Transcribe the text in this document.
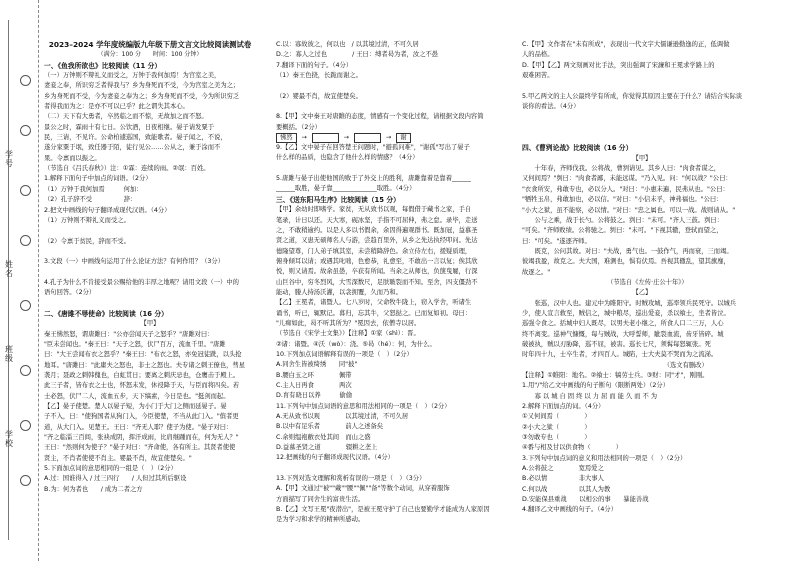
学号
姓名
班级
学校
2023–2024 学年度统编版九年级下册文言文比较阅读测试卷
（满分：100 分　　时间：100 分钟）
一、《鱼我所欲也》比较阅读（11 分）
（一）万钟则不辩礼义而受之，万钟于我何加焉！为宫室之美，
妻妾之奉，所识穷乏者得我与？乡为身死而不受，今为宫室之美为之；
乡为身死而不受，今为妻妾之奉为之；乡为身死而不受，今为所识穷乏
者得我而为之：是亦不可以已乎？此之谓失其本心。
（二）天下有大勇者，卒然临之而不惊，无故加之而不怒。
景公之时，霖雨十有七日。公饮酒，日夜相继。晏子请发粟于
民，三请，不见许。公命柏遽巡国，致能歌者。晏子闻之，不说，
遂分家粟于氓，致任器于陌，徒行见公……公从之，兼于涂而不
果。令禀而以振之。
（节选自《吕氏春秋》）注：①霖：连续的雨。②氓：百姓。
1.解释下面句子中加点的词语。（2分）
（1）万钟于我何加焉　　　何加：
（2）孔子辞不受　　　　　辞：
2.把文中画线的句子翻译成现代汉语。（4分）
（1）万钟则不辩礼义而受之。

（2）令禀于贫民，辞而不受。

3.文段（一）中画线句运用了什么论证方法？有何作用？（3分）

4.孔子为什么不肯接受景公赐给他的丰厚之地呢？请用文段（一）中的
语句回答。（2分）

二、《唐雎不辱使命》比较阅读（16 分）
【甲】
秦王怫然怒，谓唐雎曰："公亦尝闻天子之怒乎？"唐雎对曰：
"臣未尝闻也。"秦王曰："天子之怒，伏尸百万，流血千里。"唐雎
曰："大王尝闻布衣之怒乎？"秦王曰："布衣之怒，亦免冠徒跣，以头抢
地耳。"唐雎曰："此庸夫之怒也，非士之怒也。夫专诸之刺王僚也，彗星
袭月；聂政之刺韩傀也，白虹贯日；要离之刺庆忌也，仓鹰击于殿上。
此三子者，皆布衣之士也，怀怒未发，休祲降于天，与臣而将四矣。若
士必怒，伏尸二人，流血五步，天下缟素，今日是也。"挺剑而起。
【乙】晏子使楚。楚人以晏子短，为小门于大门之侧而延晏子。晏
子不入，曰："使狗国者从狗门入，今臣使楚，不当从此门入。"傧者更
道，从大门入。见楚王。王曰："齐无人耶？使子为使。"晏子对曰：
"齐之临淄三百闾，张袂成阴，挥汗成雨，比肩继踵而在，何为无人？"
王曰："然则何为使子？"晏子对曰："齐命使，各有所主。其贤者使使
贤主，不肖者使使不肖主。婴最不肖，故宜使楚矣。"
5.下面加点词的意思相同的一组是（　）（2分）
A.过：国谁得入 / 过三四行　　/ 人但过其所后驱设
B.为：何为者也　　/ 成为二者之方
C.以：寡故彼之，何以也　/ 以其境过清，不可久居
D.之：寡人之过也　　　　/ 王曰：缚者曷为者，汝之不愚
7.翻译下面的句子。（4分）
（1）秦王色挠，长跪而谢之。

（2）婴最不肖，故宜使楚矣。

8.【甲】文中秦王对唐雎的态度，情感有一个变化过程，请根据文段内容简
要概括。（2分）
怫然	→
　　　	→
　　　	→	谢
9.【乙】文中晏子在回答楚王问题时，"避孤问难"，"谢孤"写出了晏子
什么样的品质，也隐含了他什么样的情感？（4分）

5.唐雎与晏子出使他国的败于了外交上的胜利，唐雎靠着是靠着______
______取胜，晏子靠______________取胜。（4分）
三、《送东阳马生序》比较阅读（15 分）
【甲】余幼时即嗜学。家贫，无从致书以观，每假借于藏书之家，手自
笔录，计日以还。天大寒，砚冰坚，手指不可屈伸，弗之怠。录毕，走送
之，不敢稍逾约。以是人多以书假余，余因得遍观群书。既加冠，益慕圣
贤之道，又患无硕师名人与游，尝趋百里外，从乡之先达执经叩问。先达
德隆望尊，门人弟子填其室，未尝稍降辞色。余立侍左右，援疑质理，
俯身倾耳以请；或遇其叱咄，色愈恭，礼愈至，不敢出一言以复；俟其欣
悦，则又请焉。故余虽愚，卒获有所闻。当余之从师也，负箧曳屣，行深
山巨谷中，穷冬烈风，大雪深数尺，足肤皲裂而不知。至舍，四支僵劲不
能动，媵人持汤沃灌，以衾拥覆，久而乃和。
【乙】王冕者，诸暨人。七八岁时，父命牧牛陇上，窃入学舍，听诸生
诵书，听已，辄默记。暮归，忘其牛，父怒挞之。已而复如初。母曰：
"儿痴如此，曷不听其所为？"冕因去，依僧寺以居。
（节选自《宋学士文集》）【注释】①家（shì）：晋。
②诸：诸暨。④沃（wò）：浇。⑤曷（hé）：何，为什么。
10.下列加点词语解释有误的一项是（　）（2分）
A.同舍生皆被绮绣　　同"披"
B.腰白玉之环　　　　佩带
C.主人日再食　　　　两次
D.育有晓日以养　　　偷偷
11.下列句中加点词语的意思和用法相同的一项是（　）（2分）
A.无从致书以观　　　　以其境过清，不可久居
B.以中有足乐者　　　　前人之述备矣
C.余则缊袍敝衣处其间　而山之盛
D.益慕圣贤之道　　　　辍耕之垄上
12.把画线的句子翻译成现代汉语。（4分）

13.下列对选文理解和赏析有误的一项是（　）（3分）
A.【甲】文通过"被""戴""腰""佩""备"等数个动词，从穿着服饰
方面描写了同舍生的富贵生活。
B.【乙】文写王冕"夜潜出"，是被王冕守护了自己也要勤学才能成为人家原因
是为学习和求学的精神所感动。
C.【甲】文作者在"未有所成"，表现出一代文字大儒谦逊勤逸的正，低调做
人的品格。
D.【甲】【乙】两文刻画对比手法，突出强调了宋濂和王冕求学路上的
艰难困苦。

5.甲乙两文的主人公最终学有所成，你觉得其原因主要在于什么？请结合实际谈
谈你的看法。（4分）

四、《曹刿论战》比较阅读（16 分）
【甲】
　　十年春，齐师伐我。公将战，曹刿请见。其乡人曰："肉食者谋之，
又何间焉？"刿曰："肉食者鄙，未能远谋。"乃入见。问："何以战？"公曰：
"衣食所安，弗敢专也，必以分人。"对曰："小惠未遍，民弗从也。"公曰：
"牺牲玉帛，弗敢加也，必以信。"对曰："小信未孚，神弗福也。"公曰：
"小大之狱，虽不能察，必以情。"对曰："忠之属也。可以一战。战则请从。"
　　公与之乘，战于长勺。公将鼓之。刿曰："未可。"齐人三鼓。刿曰：
"可矣。"齐师败绩。公将驰之。刿曰："未可。"下视其辙，登轼而望之，
曰："可矣。"遂逐齐师。
　　既克，公问其故。对曰："夫战，勇气也。一鼓作气，再而衰，三而竭。
彼竭我盈，故克之。夫大国，难测也，惧有伏焉。吾视其辙乱，望其旗靡，
故逐之。"
　　　　　　　　　　　　　　（节选自《左传·庄公十年》）
【乙】
　　张巡，汉中人也。建元中为睢阳守。时贼攻城，巡率领兵民死守。以城兵
少，使人宣言救至，贼信之，城中粮尽，巡出爱妾，杀以飨士，坐者皆泣。
巡强令食之。括城中妇人既尽，以男夫老小继之，所食人口二三万，人心
终不离变。巡神气慷慨，每与贼战，大呼誓师，眦裂血流，齿牙皆碎。城
破被执，贼以刃胁降，巡不屈，被害。巡长七尺，须髯每怒辄张。死
时年四十九，士卒生者，才四百人。城陷，士大夫莫不哭而为之流涕。
　　　　　　　　　　　　　　　　　　　　　　　（选文有删改）
【注释】①睢阳：地名。②飨士：犒劳士兵。③财：同"才"，刚刚。
1.用"/"给乙文中画线的句子断句（限断两处）（2分）
　　寡 以 城 自 固 终 以 力 屈 而 能 久 而 不 为
2.解释下面加点的词。（4分）
①又何间焉（　　　　）
②小大之狱（　　　　）
③勿敢专也（　　　　）
④番与相及甘以供食物（　　　　）
3.下列句中加点词的意义和用法相同的一项是（　）（2分）
A.公将鼓之　　　　宽焉爱之
B.必以情　　　　　非大事人
C.何以战　　　　　以其人为教
D.安能保县重战　　以相公的事　　暴能善战
4.翻译乙文中画线的句子。（4分）
